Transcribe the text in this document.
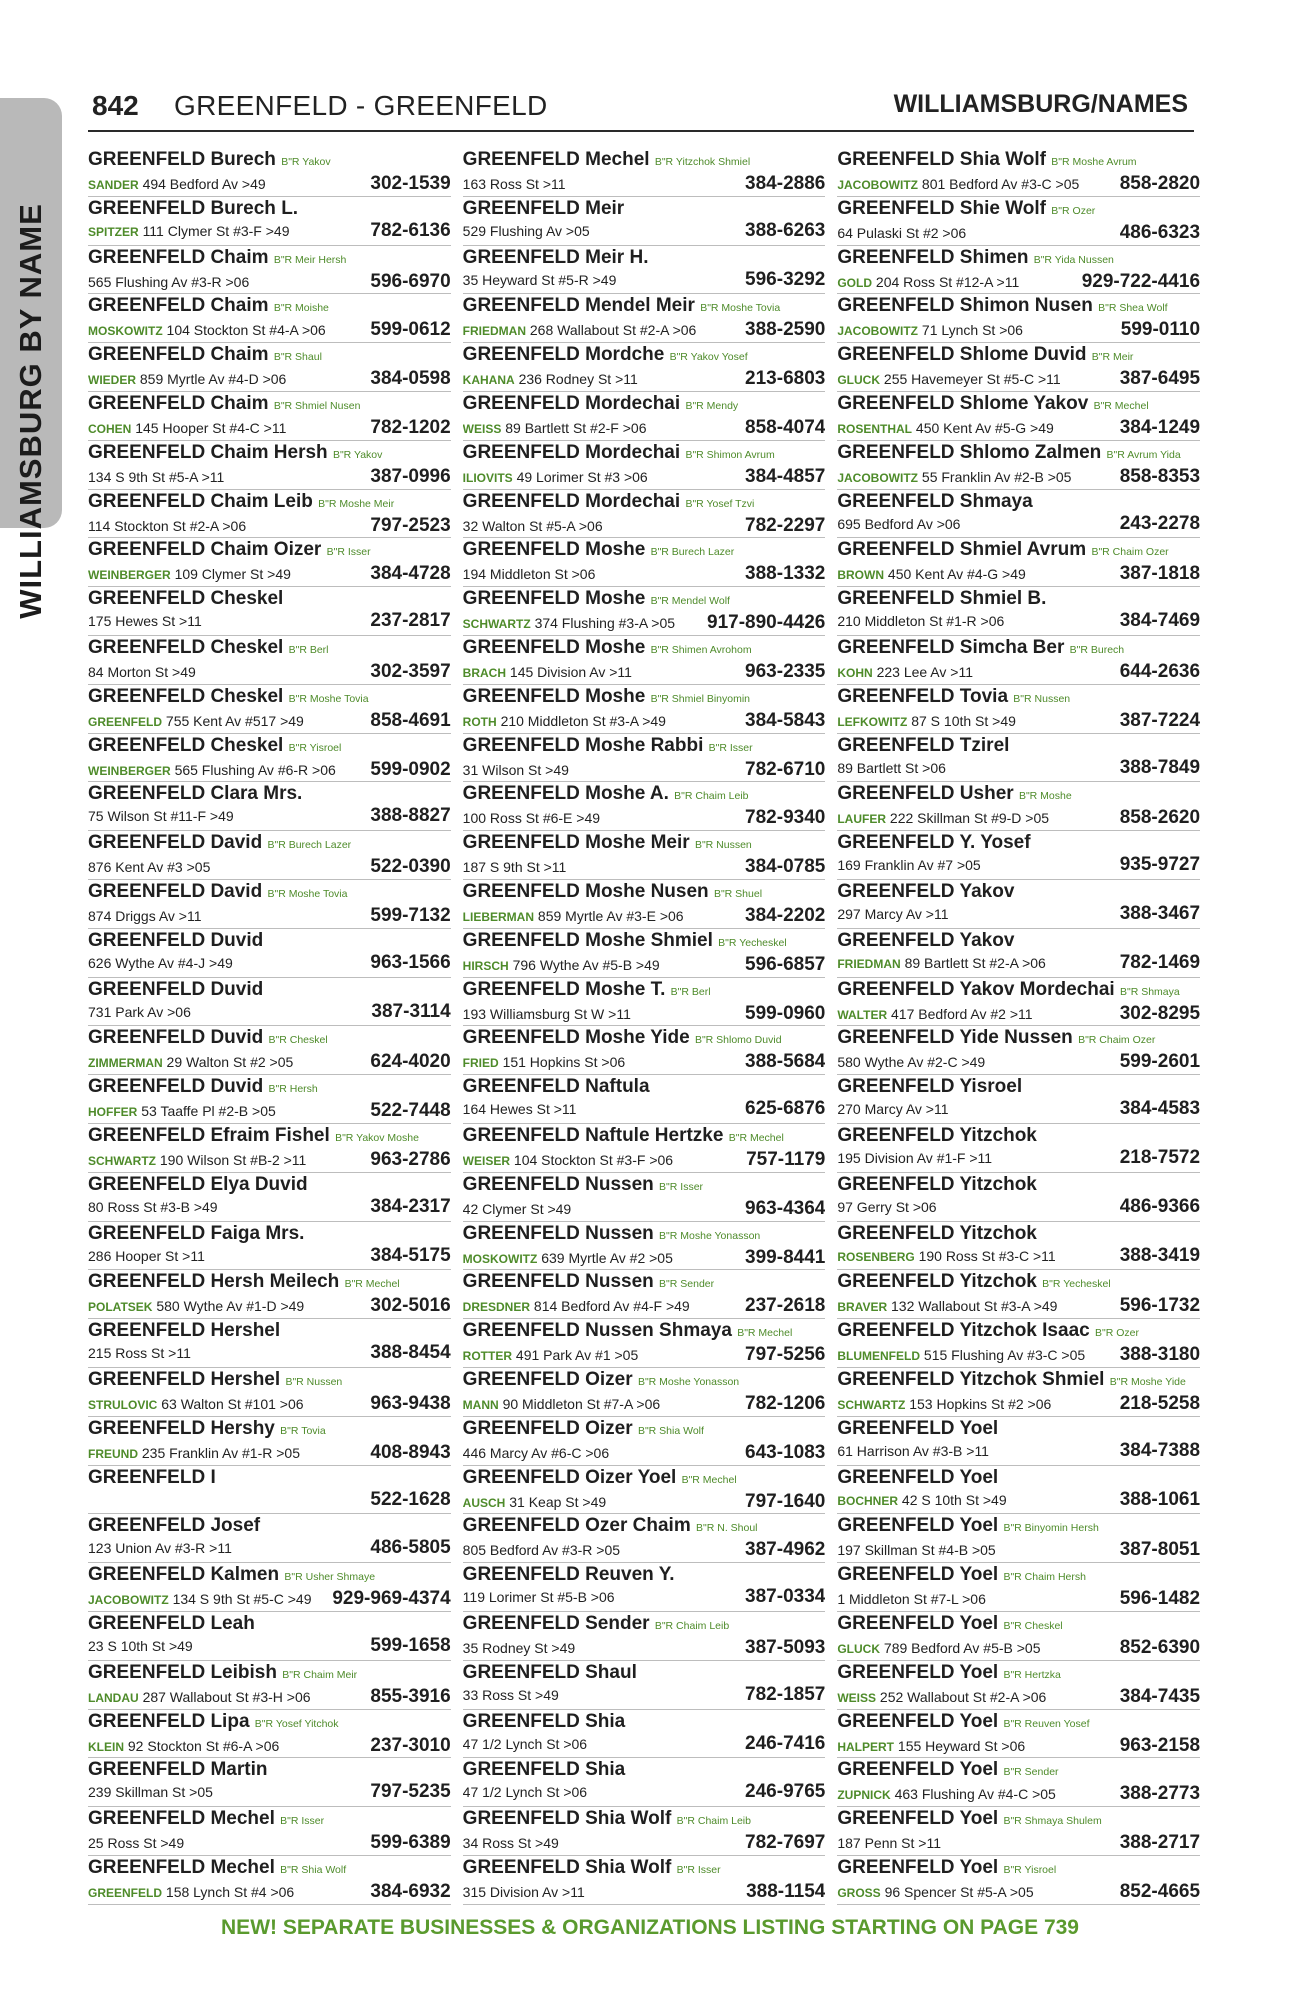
WILLIAMSBURG BY NAME
842 GREENFELD - GREENFELD	WILLIAMSBURG/NAMES
GREENFELD Burech B"R Yakov
SANDER 494 Bedford Av >49	302-1539
GREENFELD Burech L.
SPITZER 111 Clymer St #3-F >49	782-6136
GREENFELD Chaim B"R Meir Hersh
565 Flushing Av #3-R >06	596-6970
GREENFELD Chaim B"R Moishe
MOSKOWITZ 104 Stockton St #4-A >06 599-0612
GREENFELD Chaim B"R Shaul
WIEDER 859 Myrtle Av #4-D >06	384-0598
GREENFELD Chaim B"R Shmiel Nusen
COHEN 145 Hooper St #4-C >11	782-1202
GREENFELD Chaim Hersh B"R Yakov
134 S 9th St #5-A >11	387-0996
GREENFELD Chaim Leib B"R Moshe Meir
114 Stockton St #2-A >06	797-2523
GREENFELD Chaim Oizer B"R Isser
WEINBERGER 109 Clymer St >49	384-4728
GREENFELD Cheskel
175 Hewes St >11	237-2817
GREENFELD Cheskel B"R Berl
84 Morton St >49	302-3597
GREENFELD Cheskel B"R Moshe Tovia
GREENFELD 755 Kent Av #517 >49	858-4691
GREENFELD Cheskel B"R Yisroel
WEINBERGER 565 Flushing Av #6-R >06 599-0902
GREENFELD Clara Mrs.
75 Wilson St #11-F >49	388-8827
GREENFELD David B"R Burech Lazer
876 Kent Av #3 >05	522-0390
GREENFELD David B"R Moshe Tovia
874 Driggs Av >11	599-7132
GREENFELD Duvid
626 Wythe Av #4-J >49	963-1566
GREENFELD Duvid
731 Park Av >06	387-3114
GREENFELD Duvid B"R Cheskel
ZIMMERMAN 29 Walton St #2 >05	624-4020
GREENFELD Duvid B"R Hersh
HOFFER 53 Taaffe Pl #2-B >05	522-7448
GREENFELD Efraim Fishel B"R Yakov Moshe
SCHWARTZ 190 Wilson St #B-2 >11	963-2786
GREENFELD Elya Duvid
80 Ross St #3-B >49	384-2317
GREENFELD Faiga Mrs.
286 Hooper St >11	384-5175
GREENFELD Hersh Meilech B"R Mechel
POLATSEK 580 Wythe Av #1-D >49	302-5016
GREENFELD Hershel
215 Ross St >11	388-8454
GREENFELD Hershel B"R Nussen
STRULOVIC 63 Walton St #101 >06	963-9438
GREENFELD Hershy B"R Tovia
FREUND 235 Franklin Av #1-R >05	408-8943
GREENFELD I
522-1628
GREENFELD Josef
123 Union Av #3-R >11	486-5805
GREENFELD Kalmen B"R Usher Shmaye
JACOBOWITZ 134 S 9th St #5-C >49 929-969-4374
GREENFELD Leah
23 S 10th St >49	599-1658
GREENFELD Leibish B"R Chaim Meir
LANDAU 287 Wallabout St #3-H >06	855-3916
GREENFELD Lipa B"R Yosef Yitchok
KLEIN 92 Stockton St #6-A >06	237-3010
GREENFELD Martin
239 Skillman St >05	797-5235
GREENFELD Mechel B"R Isser
25 Ross St >49	599-6389
GREENFELD Mechel B"R Shia Wolf
GREENFELD 158 Lynch St #4 >06	384-6932
GREENFELD Mechel B"R Yitzchok Shmiel
163 Ross St >11	384-2886
GREENFELD Meir
529 Flushing Av >05	388-6263
GREENFELD Meir H.
35 Heyward St #5-R >49	596-3292
GREENFELD Mendel Meir B"R Moshe Tovia
FRIEDMAN 268 Wallabout St #2-A >06	388-2590
GREENFELD Mordche B"R Yakov Yosef
KAHANA 236 Rodney St >11	213-6803
GREENFELD Mordechai B"R Mendy
WEISS 89 Bartlett St #2-F >06	858-4074
GREENFELD Mordechai B"R Shimon Avrum
ILIOVITS 49 Lorimer St #3 >06	384-4857
GREENFELD Mordechai B"R Yosef Tzvi
32 Walton St #5-A >06	782-2297
GREENFELD Moshe B"R Burech Lazer
194 Middleton St >06	388-1332
GREENFELD Moshe B"R Mendel Wolf
SCHWARTZ 374 Flushing #3-A >05 917-890-4426
GREENFELD Moshe B"R Shimen Avrohom
BRACH 145 Division Av >11	963-2335
GREENFELD Moshe B"R Shmiel Binyomin
ROTH 210 Middleton St #3-A >49	384-5843
GREENFELD Moshe Rabbi B"R Isser
31 Wilson St >49	782-6710
GREENFELD Moshe A. B"R Chaim Leib
100 Ross St #6-E >49	782-9340
GREENFELD Moshe Meir B"R Nussen
187 S 9th St >11	384-0785
GREENFELD Moshe Nusen B"R Shuel
LIEBERMAN 859 Myrtle Av #3-E >06	384-2202
GREENFELD Moshe Shmiel B"R Yecheskel
HIRSCH 796 Wythe Av #5-B >49	596-6857
GREENFELD Moshe T. B"R Berl
193 Williamsburg St W >11	599-0960
GREENFELD Moshe Yide B"R Shlomo Duvid
FRIED 151 Hopkins St >06	388-5684
GREENFELD Naftula
164 Hewes St >11	625-6876
GREENFELD Naftule Hertzke B"R Mechel
WEISER 104 Stockton St #3-F >06	757-1179
GREENFELD Nussen B"R Isser
42 Clymer St >49	963-4364
GREENFELD Nussen B"R Moshe Yonasson
MOSKOWITZ 639 Myrtle Av #2 >05	399-8441
GREENFELD Nussen B"R Sender
DRESDNER 814 Bedford Av #4-F >49	237-2618
GREENFELD Nussen Shmaya B"R Mechel
ROTTER 491 Park Av #1 >05	797-5256
GREENFELD Oizer B"R Moshe Yonasson
MANN 90 Middleton St #7-A >06	782-1206
GREENFELD Oizer B"R Shia Wolf
446 Marcy Av #6-C >06	643-1083
GREENFELD Oizer Yoel B"R Mechel
AUSCH 31 Keap St >49	797-1640
GREENFELD Ozer Chaim B"R N. Shoul
805 Bedford Av #3-R >05	387-4962
GREENFELD Reuven Y.
119 Lorimer St #5-B >06	387-0334
GREENFELD Sender B"R Chaim Leib
35 Rodney St >49	387-5093
GREENFELD Shaul
33 Ross St >49	782-1857
GREENFELD Shia
47 1/2 Lynch St >06	246-7416
GREENFELD Shia
47 1/2 Lynch St >06	246-9765
GREENFELD Shia Wolf B"R Chaim Leib
34 Ross St >49	782-7697
GREENFELD Shia Wolf B"R Isser
315 Division Av >11	388-1154
GREENFELD Shia Wolf B"R Moshe Avrum
JACOBOWITZ 801 Bedford Av #3-C >05 858-2820
GREENFELD Shie Wolf B"R Ozer
64 Pulaski St #2 >06	486-6323
GREENFELD Shimen B"R Yida Nussen
GOLD 204 Ross St #12-A >11	929-722-4416
GREENFELD Shimon Nusen B"R Shea Wolf
JACOBOWITZ 71 Lynch St >06	599-0110
GREENFELD Shlome Duvid B"R Meir
GLUCK 255 Havemeyer St #5-C >11	387-6495
GREENFELD Shlome Yakov B"R Mechel
ROSENTHAL 450 Kent Av #5-G >49	384-1249
GREENFELD Shlomo Zalmen B"R Avrum Yida
JACOBOWITZ 55 Franklin Av #2-B >05	858-8353
GREENFELD Shmaya
695 Bedford Av >06	243-2278
GREENFELD Shmiel Avrum B"R Chaim Ozer
BROWN 450 Kent Av #4-G >49	387-1818
GREENFELD Shmiel B.
210 Middleton St #1-R >06	384-7469
GREENFELD Simcha Ber B"R Burech
KOHN 223 Lee Av >11	644-2636
GREENFELD Tovia B"R Nussen
LEFKOWITZ 87 S 10th St >49	387-7224
GREENFELD Tzirel
89 Bartlett St >06	388-7849
GREENFELD Usher B"R Moshe
LAUFER 222 Skillman St #9-D >05	858-2620
GREENFELD Y. Yosef
169 Franklin Av #7 >05	935-9727
GREENFELD Yakov
297 Marcy Av >11	388-3467
GREENFELD Yakov
FRIEDMAN 89 Bartlett St #2-A >06	782-1469
GREENFELD Yakov Mordechai B"R Shmaya
WALTER 417 Bedford Av #2 >11	302-8295
GREENFELD Yide Nussen B"R Chaim Ozer
580 Wythe Av #2-C >49	599-2601
GREENFELD Yisroel
270 Marcy Av >11	384-4583
GREENFELD Yitzchok
195 Division Av #1-F >11	218-7572
GREENFELD Yitzchok
97 Gerry St >06	486-9366
GREENFELD Yitzchok
ROSENBERG 190 Ross St #3-C >11	388-3419
GREENFELD Yitzchok B"R Yecheskel
BRAVER 132 Wallabout St #3-A >49	596-1732
GREENFELD Yitzchok Isaac B"R Ozer
BLUMENFELD 515 Flushing Av #3-C >05 388-3180
GREENFELD Yitzchok Shmiel B"R Moshe Yide
SCHWARTZ 153 Hopkins St #2 >06	218-5258
GREENFELD Yoel
61 Harrison Av #3-B >11	384-7388
GREENFELD Yoel
BOCHNER 42 S 10th St >49	388-1061
GREENFELD Yoel B"R Binyomin Hersh
197 Skillman St #4-B >05	387-8051
GREENFELD Yoel B"R Chaim Hersh
1 Middleton St #7-L >06	596-1482
GREENFELD Yoel B"R Cheskel
GLUCK 789 Bedford Av #5-B >05	852-6390
GREENFELD Yoel B"R Hertzka
WEISS 252 Wallabout St #2-A >06	384-7435
GREENFELD Yoel B"R Reuven Yosef
HALPERT 155 Heyward St >06	963-2158
GREENFELD Yoel B"R Sender
ZUPNICK 463 Flushing Av #4-C >05	388-2773
GREENFELD Yoel B"R Shmaya Shulem
187 Penn St >11	388-2717
GREENFELD Yoel B"R Yisroel
GROSS 96 Spencer St #5-A >05	852-4665
NEW! SEPARATE BUSINESSES & ORGANIZATIONS LISTING STARTING ON PAGE 739
